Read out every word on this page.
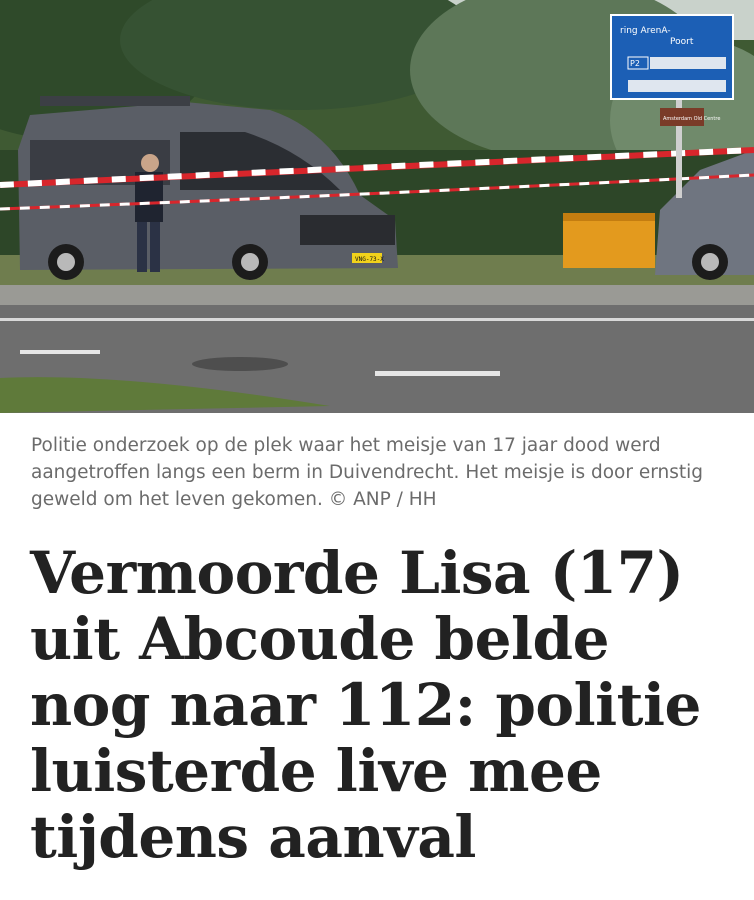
VNG-73-X
ring ArenA-
Poort
P2
Amsterdam Old Centre

Politie onderzoek op de plek waar het meisje van 17 jaar dood werd aangetroffen langs een berm in Duivendrecht. Het meisje is door ernstig geweld om het leven gekomen. © ANP / HH

Vermoorde Lisa (17) uit Abcoude belde nog naar 112: politie luisterde live mee tijdens aanval
